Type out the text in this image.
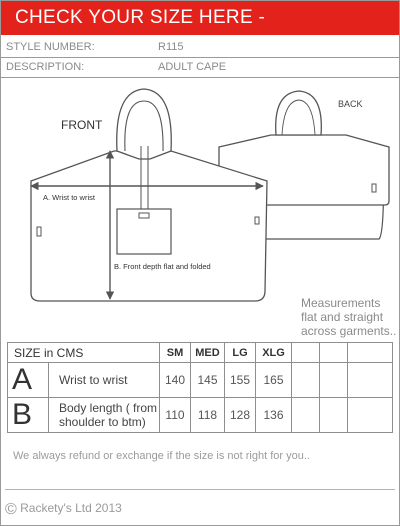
CHECK YOUR SIZE HERE -
STYLE NUMBER:	R115
DESCRIPTION:	ADULT CAPE
BACK
FRONT
A. Wrist to wrist
B. Front depth flat and folded
Measurements flat and straight across garments..
SIZE in CMS		SM	MED	LG	XLG			
A	Wrist to wrist	140	145	155	165			
B	Body length ( from shoulder to btm)	110	118	128	136			
We always refund or exchange if the size is not right for you..
© Rackety's Ltd 2013
